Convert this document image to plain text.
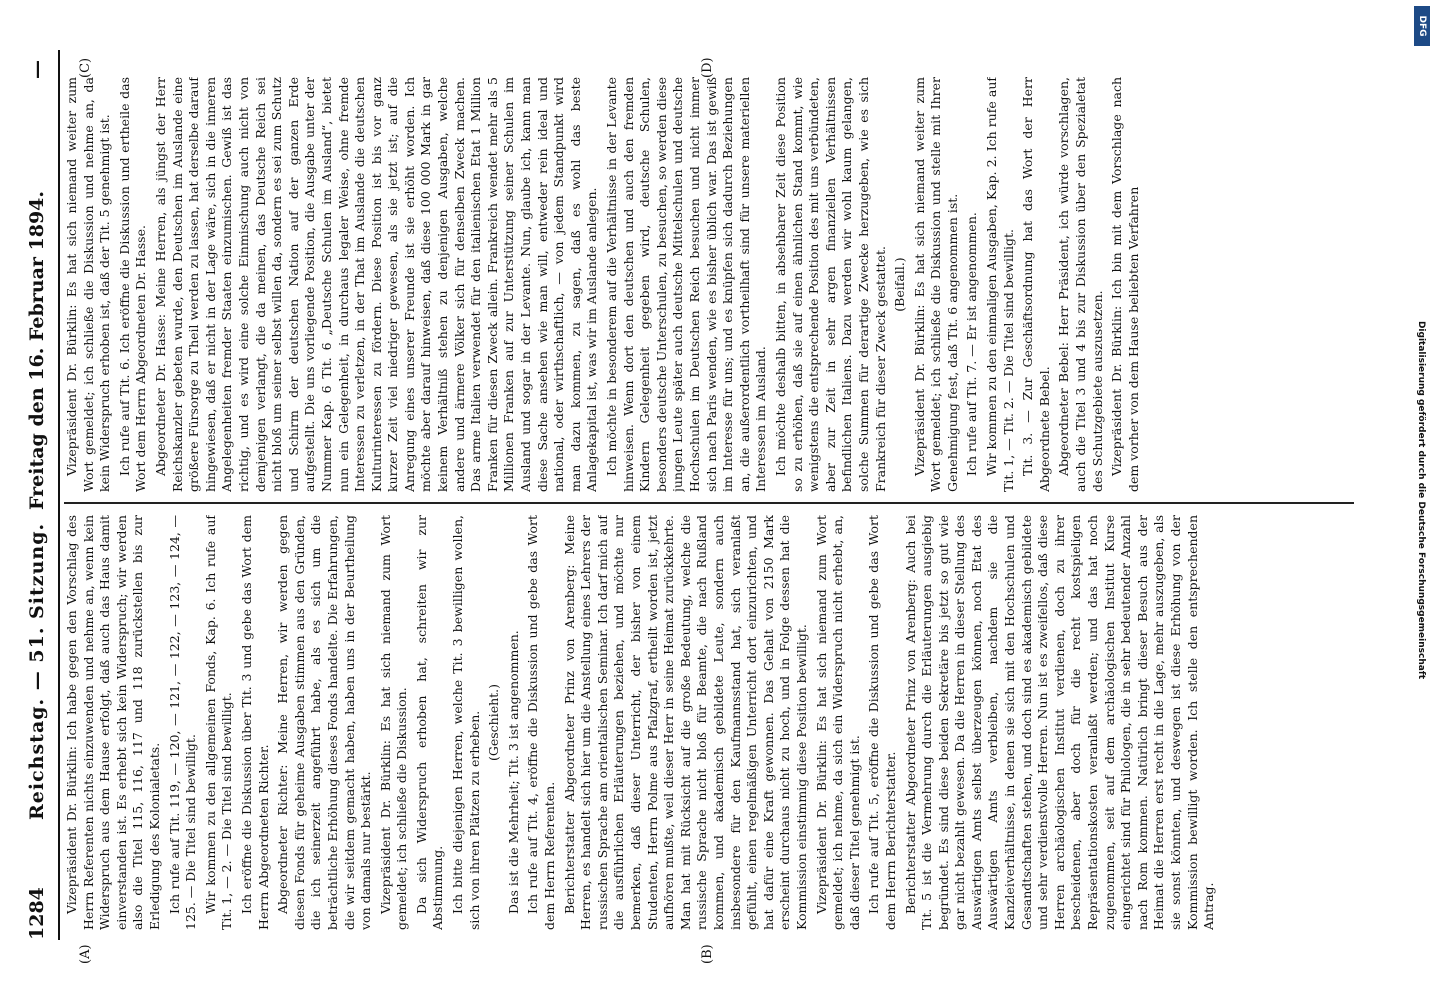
1284
Reichstag. — 51. Sitzung.
Freitag den 16. Februar 1894.
—
(A)	(B)
(C)	(D)

Vizepräsident Dr. Bürklin: Ich habe gegen den Vorschlag des Herrn Referenten nichts einzuwenden und nehme an, wenn kein Widerspruch aus dem Hause erfolgt, daß auch das Haus damit einverstanden ist. Es erhebt sich kein Widerspruch; wir werden also die Titel 115, 116, 117 und 118 zurückstellen bis zur Erledigung des Kolonialetats. Ich rufe auf Tit. 119, — 120, — 121, — 122, — 123, — 124, — 125. — Die Titel sind bewilligt. Wir kommen zu den allgemeinen Fonds, Kap. 6. Ich rufe auf Tit. 1, — 2. — Die Titel sind bewilligt. Ich eröffne die Diskussion über Tit. 3 und gebe das Wort dem Herrn Abgeordneten Richter. Abgeordneter Richter: Meine Herren, wir werden gegen diesen Fonds für geheime Ausgaben stimmen aus den Gründen, die ich seinerzeit angeführt habe, als es sich um die beträchtliche Erhöhung dieses Fonds handelte. Die Erfahrungen, die wir seitdem gemacht haben, haben uns in der Beurtheilung von damals nur bestärkt. Vizepräsident Dr. Bürklin: Es hat sich niemand zum Wort gemeldet; ich schließe die Diskussion. Da sich Widerspruch erhoben hat, schreiten wir zur Abstimmung. Ich bitte diejenigen Herren, welche Tit. 3 bewilligen wollen, sich von ihren Plätzen zu erheben. (Geschieht.) Das ist die Mehrheit; Tit. 3 ist angenommen. Ich rufe auf Tit. 4, eröffne die Diskussion und gebe das Wort dem Herrn Referenten. Berichterstatter Abgeordneter Prinz von Arenberg: Meine Herren, es handelt sich hier um die Anstellung eines Lehrers der russischen Sprache am orientalischen Seminar. Ich darf mich auf die ausführlichen Erläuterungen beziehen, und möchte nur bemerken, daß dieser Unterricht, der bisher von einem Studenten, Herrn Polme aus Pfalzgraf, ertheilt worden ist, jetzt aufhören mußte, weil dieser Herr in seine Heimat zurückkehrte. Man hat mit Rücksicht auf die große Bedeutung, welche die russische Sprache nicht bloß für Beamte, die nach Rußland kommen, und akademisch gebildete Leute, sondern auch insbesondere für den Kaufmannsstand hat, sich veranlaßt gefühlt, einen regelmäßigen Unterricht dort einzurichten, und hat dafür eine Kraft gewonnen. Das Gehalt von 2150 Mark erscheint durchaus nicht zu hoch, und in Folge dessen hat die Kommission einstimmig diese Position bewilligt. Vizepräsident Dr. Bürklin: Es hat sich niemand zum Wort gemeldet; ich nehme, da sich ein Widerspruch nicht erhebt, an, daß dieser Titel genehmigt ist. Ich rufe auf Tit. 5, eröffne die Diskussion und gebe das Wort dem Herrn Berichterstatter. Berichterstatter Abgeordneter Prinz von Arenberg: Auch bei Tit. 5 ist die Vermehrung durch die Erläuterungen ausgiebig begründet. Es sind diese beiden Sekretäre bis jetzt so gut wie gar nicht bezahlt gewesen. Da die Herren in dieser Stellung des Auswärtigen Amts selbst überzeugen können, noch Etat des Auswärtigen Amts verbleiben, nachdem sie die Kanzleiverhältnisse, in denen sie sich mit den Hochschulen und Gesandtschaften stehen, und doch sind es akademisch gebildete und sehr verdienstvolle Herren. Nun ist es zweifellos, daß diese Herren archäologischen Institut verdienen, doch zu ihrer bescheidenen, aber doch für die recht kostspieligen Repräsentationskosten veranlaßt werden; und das hat noch zugenommen, seit auf dem archäologischen Institut Kurse eingerichtet sind für Philologen, die in sehr bedeutender Anzahl nach Rom kommen. Natürlich bringt dieser Besuch aus der Heimat die Herren erst recht in die Lage, mehr auszugeben, als sie sonst könnten, und deswegen ist diese Erhöhung von der Kommission bewilligt worden. Ich stelle den entsprechenden Antrag.

Vizepräsident Dr. Bürklin: Es hat sich niemand weiter zum Wort gemeldet; ich schließe die Diskussion und nehme an, da kein Widerspruch erhoben ist, daß der Tit. 5 genehmigt ist. Ich rufe auf Tit. 6. Ich eröffne die Diskussion und ertheile das Wort dem Herrn Abgeordneten Dr. Hasse. Abgeordneter Dr. Hasse: Meine Herren, als jüngst der Herr Reichskanzler gebeten wurde, den Deutschen im Auslande eine größere Fürsorge zu Theil werden zu lassen, hat derselbe darauf hingewiesen, daß er nicht in der Lage wäre, sich in die inneren Angelegenheiten fremder Staaten einzumischen. Gewiß ist das richtig, und es wird eine solche Einmischung auch nicht von demjenigen verlangt, die da meinen, das Deutsche Reich sei nicht bloß um seiner selbst willen da, sondern es sei zum Schutz und Schirm der deutschen Nation auf der ganzen Erde aufgestellt. Die uns vorliegende Position, die Ausgabe unter der Nummer Kap. 6 Tit. 6 „Deutsche Schulen im Ausland“, bietet nun ein Gelegenheit, in durchaus legaler Weise, ohne fremde Interessen zu verletzen, in der That im Auslande die deutschen Kulturinteressen zu fördern. Diese Position ist bis vor ganz kurzer Zeit viel niedriger gewesen, als sie jetzt ist; auf die Anregung eines unserer Freunde ist sie erhöht worden. Ich möchte aber darauf hinweisen, daß diese 100 000 Mark in gar keinem Verhältniß stehen zu denjenigen Ausgaben, welche andere und ärmere Völker sich für denselben Zweck machen. Das arme Italien verwendet für den italienischen Etat 1 Million Franken für diesen Zweck allein. Frankreich wendet mehr als 5 Millionen Franken auf zur Unterstützung seiner Schulen im Ausland und sogar in der Levante. Nun, glaube ich, kann man diese Sache ansehen wie man will, entweder rein ideal und national, oder wirthschaftlich, — von jedem Standpunkt wird man dazu kommen, zu sagen, daß es wohl das beste Anlagekapital ist, was wir im Auslande anlegen. Ich möchte in besonderem auf die Verhältnisse in der Levante hinweisen. Wenn dort den deutschen und auch den fremden Kindern Gelegenheit gegeben wird, deutsche Schulen, besonders deutsche Unterschulen, zu besuchen, so werden diese jungen Leute später auch deutsche Mittelschulen und deutsche Hochschulen im Deutschen Reich besuchen und nicht immer sich nach Paris wenden, wie es bisher üblich war. Das ist gewiß im Interesse für uns; und es knüpfen sich dadurch Beziehungen an, die außerordentlich vortheilhaft sind für unsere materiellen Interessen im Ausland. Ich möchte deshalb bitten, in absehbarer Zeit diese Position so zu erhöhen, daß sie auf einen ähnlichen Stand kommt, wie wenigstens die entsprechende Position des mit uns verbündeten, aber zur Zeit in sehr argen finanziellen Verhältnissen befindlichen Italiens. Dazu werden wir wohl kaum gelangen, solche Summen für derartige Zwecke herzugeben, wie es sich Frankreich für dieser Zweck gestattet. (Beifall.) Vizepräsident Dr. Bürklin: Es hat sich niemand weiter zum Wort gemeldet; ich schließe die Diskussion und stelle mit Ihrer Genehmigung fest, daß Tit. 6 angenommen ist. Ich rufe auf Tit. 7. — Er ist angenommen. Wir kommen zu den einmaligen Ausgaben, Kap. 2. Ich rufe auf Tit. 1, — Tit. 2. — Die Titel sind bewilligt. Tit. 3. — Zur Geschäftsordnung hat das Wort der Herr Abgeordnete Bebel. Abgeordneter Bebel: Herr Präsident, ich würde vorschlagen, auch die Titel 3 und 4 bis zur Diskussion über den Spezialetat des Schutzgebiete auszusetzen. Vizepräsident Dr. Bürklin: Ich bin mit dem Vorschlage nach dem vorher von dem Hause beliebten Verfahren	Digitalisierung gefördert durch die Deutsche Forschungsgemeinschaft
DFG
